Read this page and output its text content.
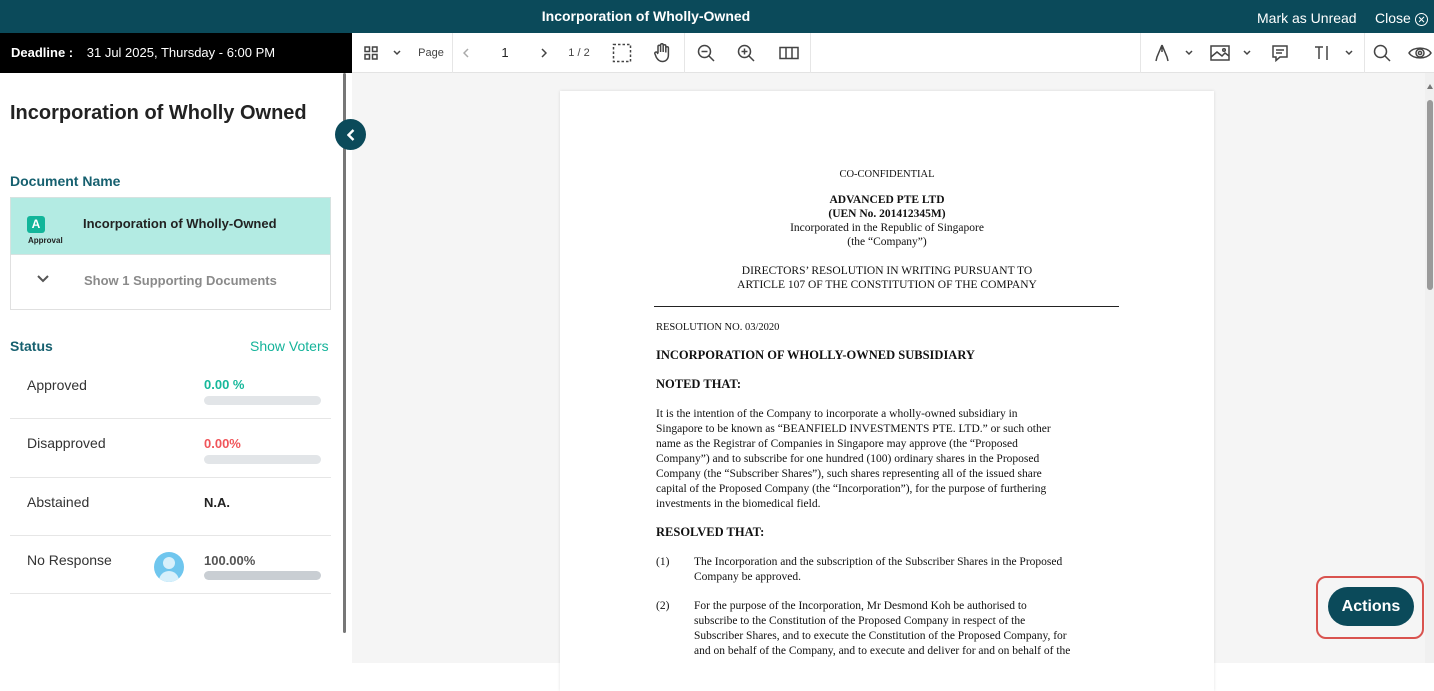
Incorporation of Wholly-Owned	Mark as Unread Close
Deadline : 31 Jul 2025, Thursday - 6:00 PM	Page	1	1 / 2
Incorporation of Wholly Owned
Document Name
A
Approval
Incorporation of Wholly-Owned
Show 1 Supporting Documents
Status	Show Voters
Approved	0.00 %
Disapproved	0.00%
Abstained	N.A.
No Response	100.00%
CO-CONFIDENTIAL
ADVANCED PTE LTD
(UEN No. 201412345M)
Incorporated in the Republic of Singapore
(the “Company”)
DIRECTORS’ RESOLUTION IN WRITING PURSUANT TO
ARTICLE 107 OF THE CONSTITUTION OF THE COMPANY
RESOLUTION NO. 03/2020
INCORPORATION OF WHOLLY-OWNED SUBSIDIARY
NOTED THAT:
It is the intention of the Company to incorporate a wholly-owned subsidiary in
Singapore to be known as “BEANFIELD INVESTMENTS PTE. LTD.” or such other
name as the Registrar of Companies in Singapore may approve (the “Proposed
Company”) and to subscribe for one hundred (100) ordinary shares in the Proposed
Company (the “Subscriber Shares”), such shares representing all of the issued share
capital of the Proposed Company (the “Incorporation”), for the purpose of furthering
investments in the biomedical field.
RESOLVED THAT:
(1) The Incorporation and the subscription of the Subscriber Shares in the Proposed
Company be approved.
(2) For the purpose of the Incorporation, Mr Desmond Koh be authorised to
subscribe to the Constitution of the Proposed Company in respect of the
Subscriber Shares, and to execute the Constitution of the Proposed Company, for
and on behalf of the Company, and to execute and deliver for and on behalf of the
Actions
